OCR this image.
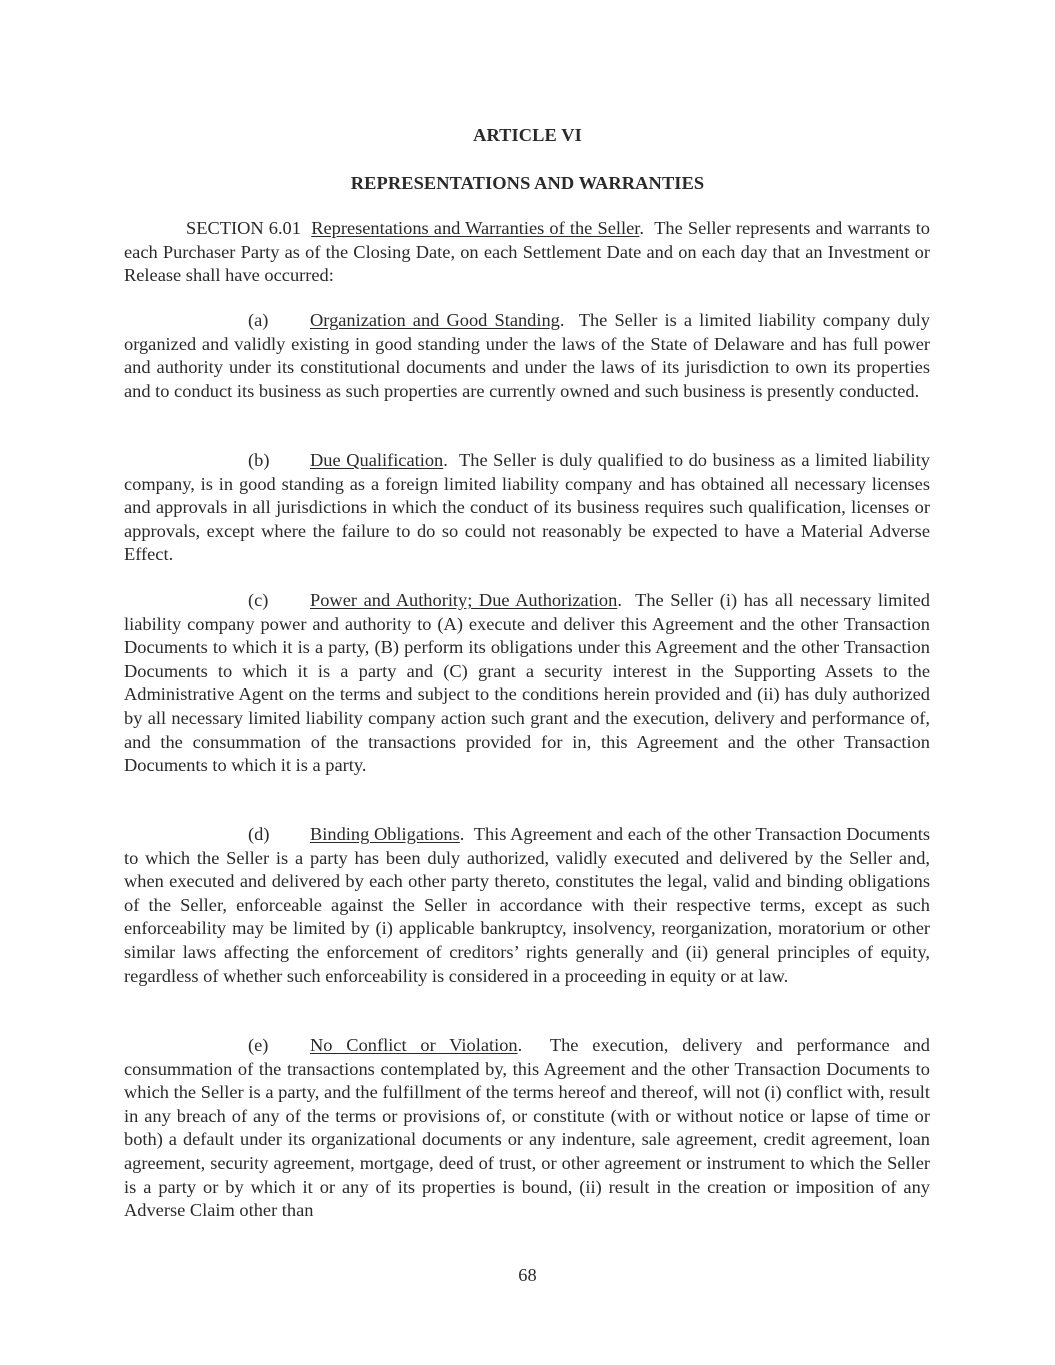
ARTICLE VI
REPRESENTATIONS AND WARRANTIES

SECTION 6.01 Representations and Warranties of the Seller.  The Seller represents and warrants to each Purchaser Party as of the Closing Date, on each Settlement Date and on each day that an Investment or Release shall have occurred:

(a) Organization and Good Standing.  The Seller is a limited liability company duly organized and validly existing in good standing under the laws of the State of Delaware and has full power and authority under its constitutional documents and under the laws of its jurisdiction to own its properties and to conduct its business as such properties are currently owned and such business is presently conducted.

(b) Due Qualification.  The Seller is duly qualified to do business as a limited liability company, is in good standing as a foreign limited liability company and has obtained all necessary licenses and approvals in all jurisdictions in which the conduct of its business requires such qualification, licenses or approvals, except where the failure to do so could not reasonably be expected to have a Material Adverse Effect.

(c) Power and Authority; Due Authorization.  The Seller (i) has all necessary limited liability company power and authority to (A) execute and deliver this Agreement and the other Transaction Documents to which it is a party, (B) perform its obligations under this Agreement and the other Transaction Documents to which it is a party and (C) grant a security interest in the Supporting Assets to the Administrative Agent on the terms and subject to the conditions herein provided and (ii) has duly authorized by all necessary limited liability company action such grant and the execution, delivery and performance of, and the consummation of the transactions provided for in, this Agreement and the other Transaction Documents to which it is a party.

(d) Binding Obligations.  This Agreement and each of the other Transaction Documents to which the Seller is a party has been duly authorized, validly executed and delivered by the Seller and, when executed and delivered by each other party thereto, constitutes the legal, valid and binding obligations of the Seller, enforceable against the Seller in accordance with their respective terms, except as such enforceability may be limited by (i) applicable bankruptcy, insolvency, reorganization, moratorium or other similar laws affecting the enforcement of creditors’ rights generally and (ii) general principles of equity, regardless of whether such enforceability is considered in a proceeding in equity or at law.

(e) No Conflict or Violation.  The execution, delivery and performance and consummation of the transactions contemplated by, this Agreement and the other Transaction Documents to which the Seller is a party, and the fulfillment of the terms hereof and thereof, will not (i) conflict with, result in any breach of any of the terms or provisions of, or constitute (with or without notice or lapse of time or both) a default under its organizational documents or any indenture, sale agreement, credit agreement, loan agreement, security agreement, mortgage, deed of trust, or other agreement or instrument to which the Seller is a party or by which it or any of its properties is bound, (ii) result in the creation or imposition of any Adverse Claim other than

68
